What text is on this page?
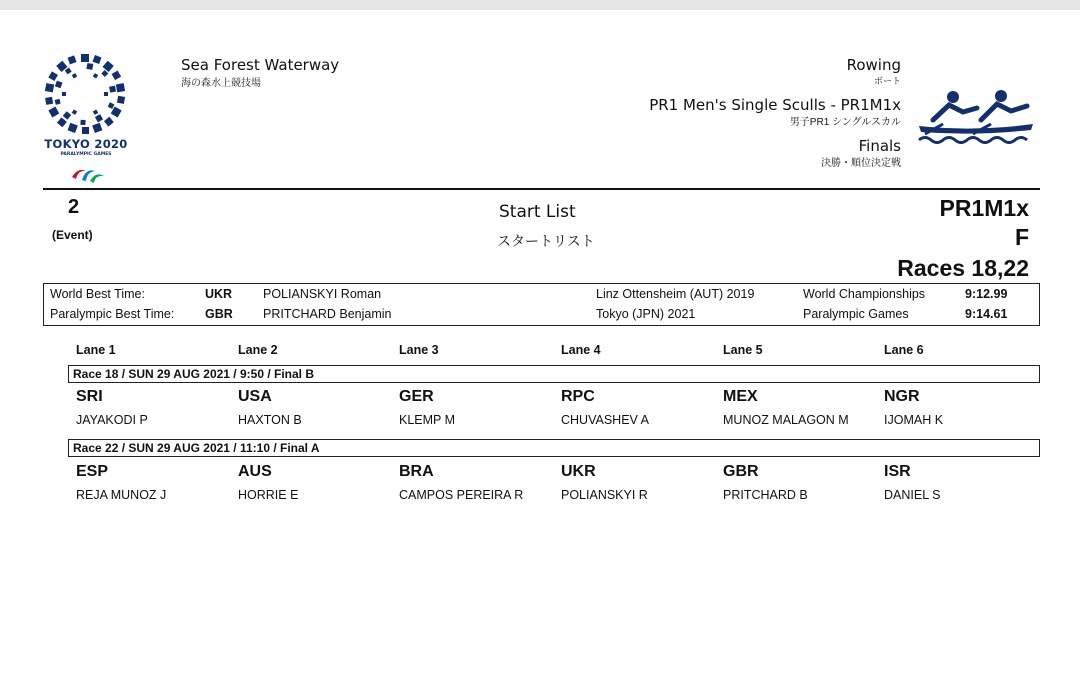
TOKYO 2020
PARALYMPIC GAMES
Sea Forest Waterway
海の森水上競技場
Rowing
ボート
PR1 Men's Single Sculls - PR1M1x
男子PR1 シングルスカル
Finals
決勝・順位決定戦
2
(Event)
Start List
スタートリスト
PR1M1x
F
Races 18,22
World Best Time:	UKR POLIANSKYI Roman	Linz Ottensheim (AUT) 2019	World Championships	9:12.99
Paralympic Best Time: GBR PRITCHARD Benjamin	Tokyo (JPN) 2021	Paralympic Games	9:14.61
Lane 1	Lane 2	Lane 3	Lane 4	Lane 5	Lane 6
Race 18 / SUN 29 AUG 2021 / 9:50 / Final B
SRI	USA	GER	RPC	MEX	NGR
JAYAKODI P	HAXTON B	KLEMP M	CHUVASHEV A	MUNOZ MALAGON M	IJOMAH K
Race 22 / SUN 29 AUG 2021 / 11:10 / Final A
ESP	AUS	BRA	UKR	GBR	ISR
REJA MUNOZ J	HORRIE E	CAMPOS PEREIRA R	POLIANSKYI R	PRITCHARD B	DANIEL S
